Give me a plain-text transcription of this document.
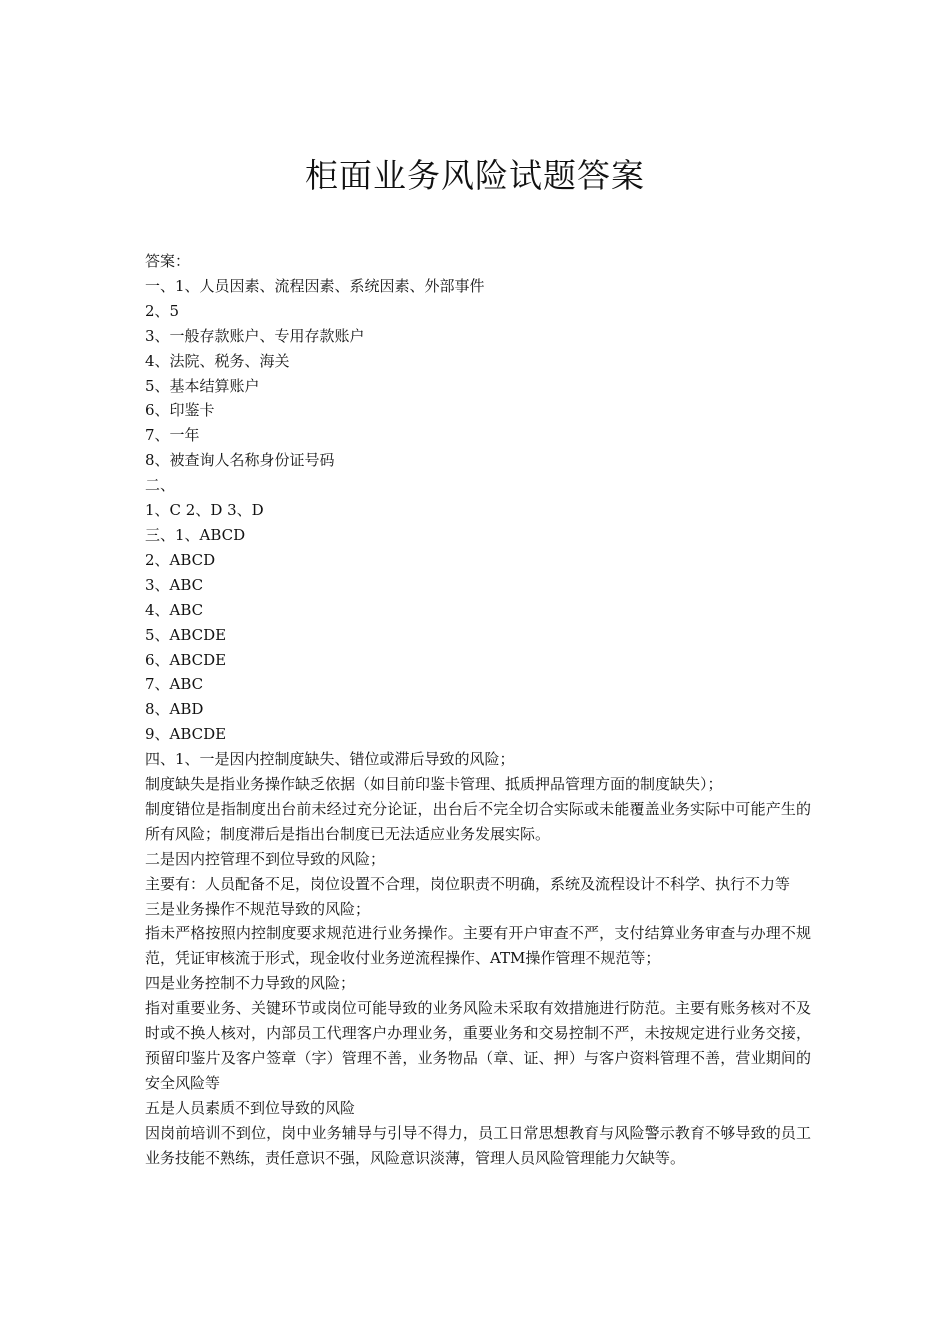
柜面业务风险试题答案

答案：

一、1、人员因素、流程因素、系统因素、外部事件

2、5

3、一般存款账户、专用存款账户

4、法院、税务、海关

5、基本结算账户

6、印鉴卡

7、一年

8、被查询人名称身份证号码

二、

1、C 2、D 3、D

三、1、ABCD

2、ABCD

3、ABC

4、ABC

5、ABCDE

6、ABCDE

7、ABC

8、ABD

9、ABCDE

四、1、一是因内控制度缺失、错位或滞后导致的风险；

制度缺失是指业务操作缺乏依据（如目前印鉴卡管理、抵质押品管理方面的制度缺失）；

制度错位是指制度出台前未经过充分论证，出台后不完全切合实际或未能覆盖业务实际中可能产生的所有风险；制度滞后是指出台制度已无法适应业务发展实际。

二是因内控管理不到位导致的风险；

主要有：人员配备不足，岗位设置不合理，岗位职责不明确，系统及流程设计不科学、执行不力等

三是业务操作不规范导致的风险；

指未严格按照内控制度要求规范进行业务操作。主要有开户审查不严，支付结算业务审查与办理不规范，凭证审核流于形式，现金收付业务逆流程操作、ATM操作管理不规范等；

四是业务控制不力导致的风险；

指对重要业务、关键环节或岗位可能导致的业务风险未采取有效措施进行防范。主要有账务核对不及时或不换人核对，内部员工代理客户办理业务，重要业务和交易控制不严，未按规定进行业务交接，预留印鉴片及客户签章（字）管理不善，业务物品（章、证、押）与客户资料管理不善，营业期间的安全风险等

五是人员素质不到位导致的风险

因岗前培训不到位，岗中业务辅导与引导不得力，员工日常思想教育与风险警示教育不够导致的员工业务技能不熟练，责任意识不强，风险意识淡薄，管理人员风险管理能力欠缺等。
